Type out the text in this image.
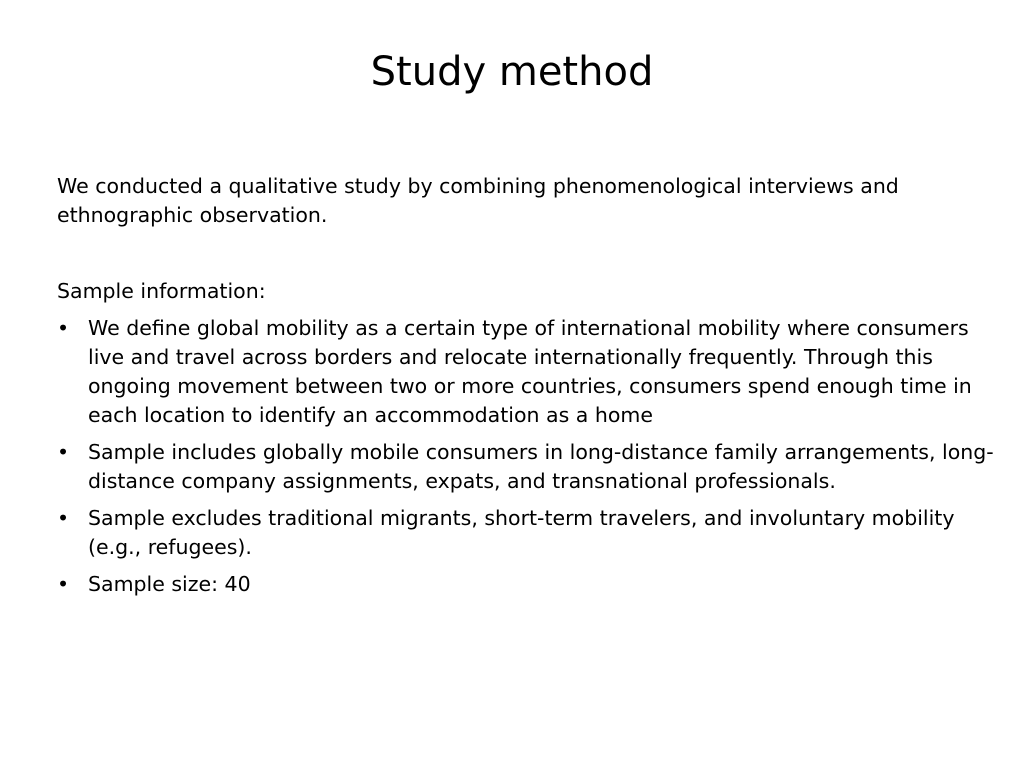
Study method

We conducted a qualitative study by combining phenomenological interviews and ethnographic observation.

Sample information:

• We define global mobility as a certain type of international mobility where consumers live and travel across borders and relocate internationally frequently. Through this ongoing movement between two or more countries, consumers spend enough time in each location to identify an accommodation as a home
• Sample includes globally mobile consumers in long-distance family arrangements, long-distance company assignments, expats, and transnational professionals.
• Sample excludes traditional migrants, short-term travelers, and involuntary mobility (e.g., refugees).
• Sample size: 40
